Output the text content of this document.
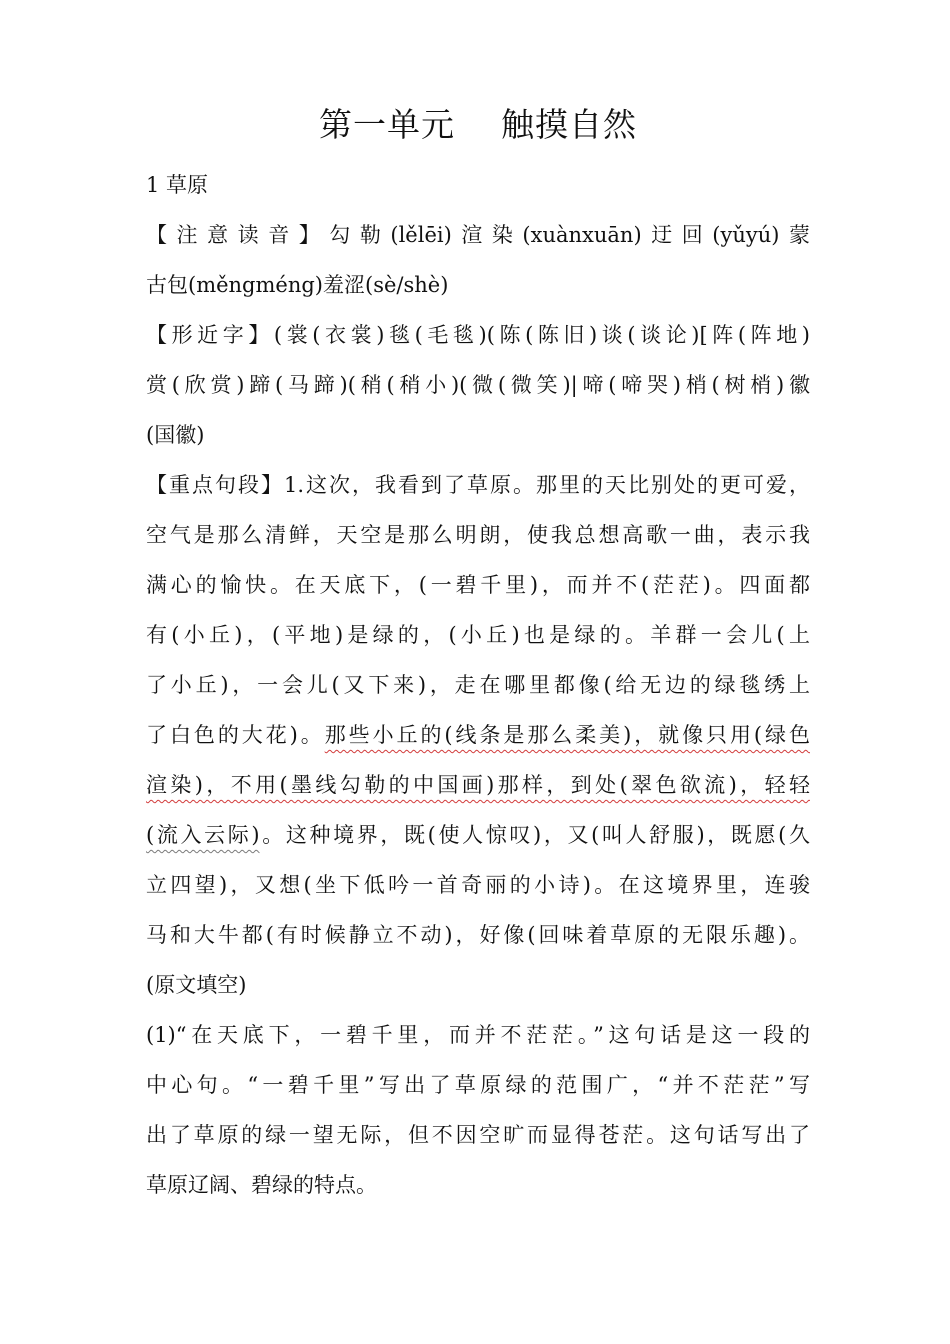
第一单元    触摸自然
1 草原
【注意读音】勾勒(lělēi)渲染(xuànxuān)迂回(yǔyú)蒙
古包(měngméng)羞涩(sè/shè)
【形近字】(裳(衣裳)毯(毛毯)(陈(陈旧)谈(谈论)[阵(阵地)
赏(欣赏)蹄(马蹄)(稍(稍小)(微(微笑)|啼(啼哭)梢(树梢)徽
(国徽)
【重点句段】1.这次，我看到了草原。那里的天比别处的更可爱，
空气是那么清鲜，天空是那么明朗，使我总想高歌一曲，表示我
满心的愉快。在天底下，(一碧千里)，而并不(茫茫)。四面都
有(小丘)，(平地)是绿的，(小丘)也是绿的。羊群一会儿(上
了小丘)，一会儿(又下来)，走在哪里都像(给无边的绿毯绣上
了白色的大花)。那些小丘的(线条是那么柔美)，就像只用(绿色
渲染)，不用(墨线勾勒的中国画)那样，到处(翠色欲流)，轻轻
(流入云际)。这种境界，既(使人惊叹)，又(叫人舒服)，既愿(久
立四望)，又想(坐下低吟一首奇丽的小诗)。在这境界里，连骏
马和大牛都(有时候静立不动)，好像(回味着草原的无限乐趣)。
(原文填空)
(1)“在天底下，一碧千里，而并不茫茫。”这句话是这一段的
中心句。“一碧千里”写出了草原绿的范围广，“并不茫茫”写
出了草原的绿一望无际，但不因空旷而显得苍茫。这句话写出了
草原辽阔、碧绿的特点。
